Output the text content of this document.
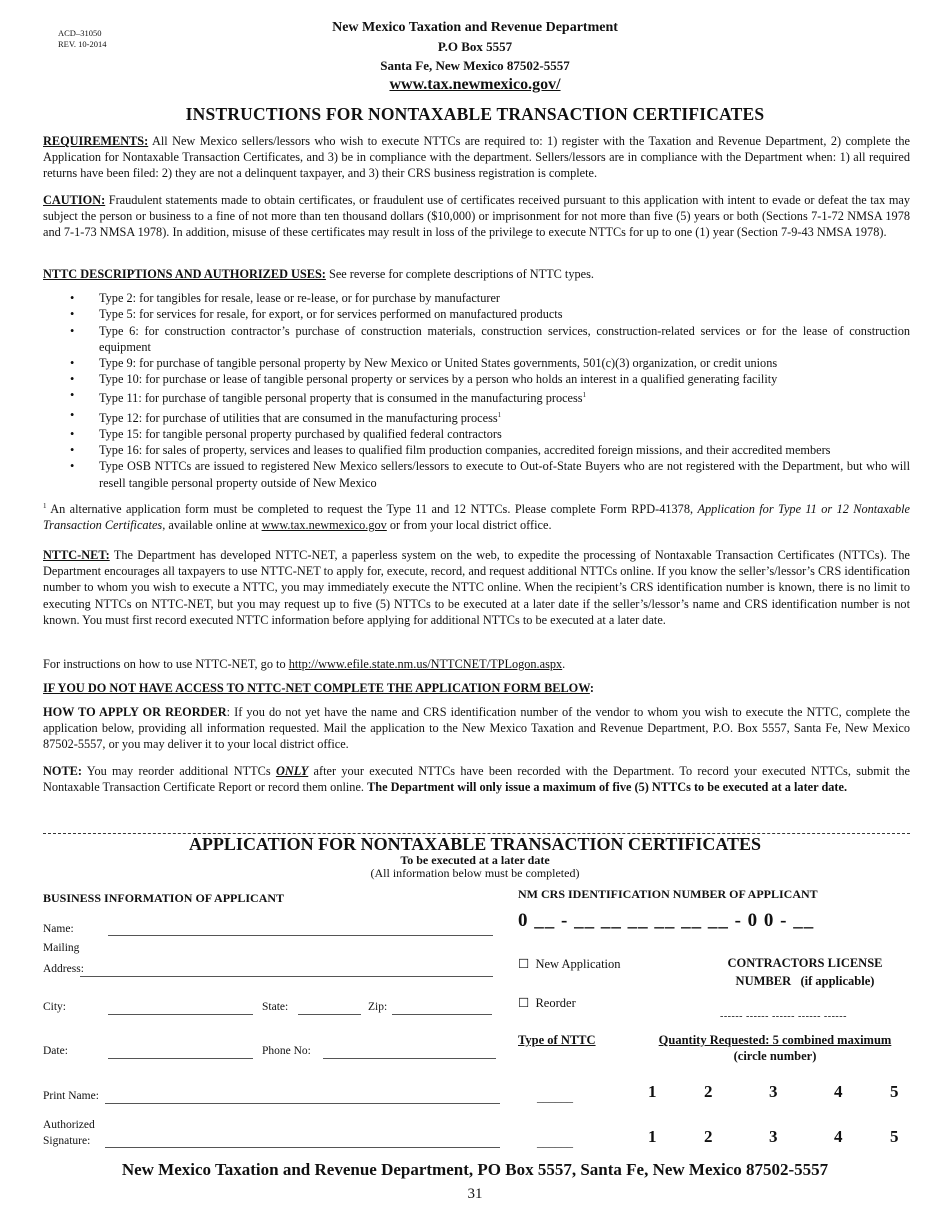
ACD–31050
REV. 10-2014
New Mexico Taxation and Revenue Department
P.O Box 5557
Santa Fe, New Mexico 87502-5557
www.tax.newmexico.gov/
INSTRUCTIONS FOR NONTAXABLE TRANSACTION CERTIFICATES
REQUIREMENTS: All New Mexico sellers/lessors who wish to execute NTTCs are required to: 1) register with the Taxation and Revenue Department, 2) complete the Application for Nontaxable Transaction Certificates, and 3) be in compliance with the department. Sellers/lessors are in compliance with the Department when: 1) all required returns have been filed: 2) they are not a delinquent taxpayer, and 3) their CRS business registration is complete.
CAUTION: Fraudulent statements made to obtain certificates, or fraudulent use of certificates received pursuant to this application with intent to evade or defeat the tax may subject the person or business to a fine of not more than ten thousand dollars ($10,000) or imprisonment for not more than five (5) years or both (Sections 7-1-72 NMSA 1978 and 7-1-73 NMSA 1978). In addition, misuse of these certificates may result in loss of the privilege to execute NTTCs for up to one (1) year (Section 7-9-43 NMSA 1978).
NTTC DESCRIPTIONS AND AUTHORIZED USES: See reverse for complete descriptions of NTTC types.
• Type 2: for tangibles for resale, lease or re-lease, or for purchase by manufacturer
• Type 5: for services for resale, for export, or for services performed on manufactured products
• Type 6: for construction contractor’s purchase of construction materials, construction services, construction-related services or for the lease of construction equipment
• Type 9: for purchase of tangible personal property by New Mexico or United States governments, 501(c)(3) organization, or credit unions
• Type 10: for purchase or lease of tangible personal property or services by a person who holds an interest in a qualified generating facility
• Type 11: for purchase of tangible personal property that is consumed in the manufacturing process$^1$
• Type 12: for purchase of utilities that are consumed in the manufacturing process$^1$
• Type 15: for tangible personal property purchased by qualified federal contractors
• Type 16: for sales of property, services and leases to qualified film production companies, accredited foreign missions, and their accredited members
• Type OSB NTTCs are issued to registered New Mexico sellers/lessors to execute to Out-of-State Buyers who are not registered with the Department, but who will resell tangible personal property outside of New Mexico
$^1$ An alternative application form must be completed to request the Type 11 and 12 NTTCs. Please complete Form RPD-41378, Application for Type 11 or 12 Nontaxable Transaction Certificates, available online at www.tax.newmexico.gov or from your local district office.
NTTC-NET: The Department has developed NTTC-NET, a paperless system on the web, to expedite the processing of Nontaxable Transaction Certificates (NTTCs). The Department encourages all taxpayers to use NTTC-NET to apply for, execute, record, and request additional NTTCs online. If you know the seller’s/lessor’s CRS identification number to whom you wish to execute a NTTC, you may immediately execute the NTTC online. When the recipient’s CRS identification number is known, there is no limit to executing NTTCs on NTTC-NET, but you may request up to five (5) NTTCs to be executed at a later date if the seller’s/lessor’s name and CRS identification number is not known. You must first record executed NTTC information before applying for additional NTTCs to be executed at a later date.
For instructions on how to use NTTC-NET, go to http://www.efile.state.nm.us/NTTCNET/TPLogon.aspx.
IF YOU DO NOT HAVE ACCESS TO NTTC-NET COMPLETE THE APPLICATION FORM BELOW:
HOW TO APPLY OR REORDER: If you do not yet have the name and CRS identification number of the vendor to whom you wish to execute the NTTC, complete the application below, providing all information requested. Mail the application to the New Mexico Taxation and Revenue Department, P.O. Box 5557, Santa Fe, New Mexico 87502-5557, or you may deliver it to your local district office.
NOTE: You may reorder additional NTTCs ONLY after your executed NTTCs have been recorded with the Department. To record your executed NTTCs, submit the Nontaxable Transaction Certificate Report or record them online. The Department will only issue a maximum of five (5) NTTCs to be executed at a later date.
APPLICATION FOR NONTAXABLE TRANSACTION CERTIFICATES
To be executed at a later date
(All information below must be completed)
BUSINESS INFORMATION OF APPLICANT	NM CRS IDENTIFICATION NUMBER OF APPLICANT
0 __ - __ __ __ __ __ __ - 0 0 - __
Name:
Mailing
Address:
City:	State:	Zip:
Date:	Phone No:
Print Name:
Authorized
Signature:
☐ New Application
☐ Reorder
CONTRACTORS LICENSE
NUMBER (if applicable)
------ ------ ------ ------ ------
Type of NTTC	Quantity Requested: 5 combined maximum
(circle number)
______	1	2	3	4	5
______	1	2	3	4	5
New Mexico Taxation and Revenue Department, PO Box 5557, Santa Fe, New Mexico 87502-5557
31
